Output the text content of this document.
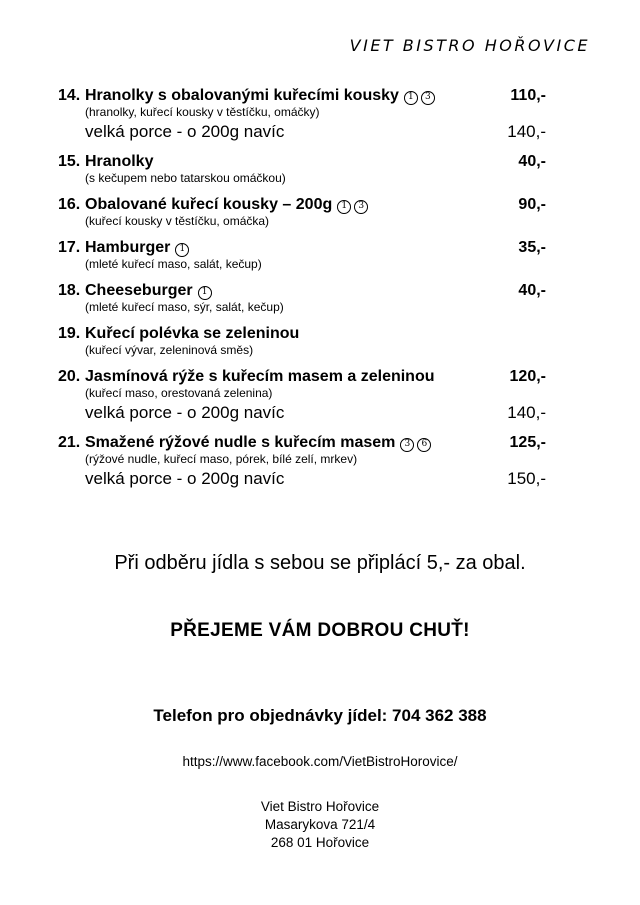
VIET BISTRO HOŘOVICE
14. Hranolky s obalovanými kuřecími kousky 1 3	110,-
(hranolky, kuřecí kousky v těstíčku, omáčky)
velká porce - o 200g navíc	140,-
15. Hranolky	40,-
(s kečupem nebo tatarskou omáčkou)
16. Obalované kuřecí kousky – 200g 1 3	90,-
(kuřecí kousky v těstíčku, omáčka)
17. Hamburger 1	35,-
(mleté kuřecí maso, salát, kečup)
18. Cheeseburger 1	40,-
(mleté kuřecí maso, sýr, salát, kečup)
19. Kuřecí polévka se zeleninou
(kuřecí vývar, zeleninová směs)
20. Jasmínová rýže s kuřecím masem a zeleninou	120,-
(kuřecí maso, orestovaná zelenina)
velká porce - o 200g navíc	140,-
21. Smažené rýžové nudle s kuřecím masem 3 6	125,-
(rýžové nudle, kuřecí maso, pórek, bílé zelí, mrkev)
velká porce - o 200g navíc	150,-
Při odběru jídla s sebou se připlácí 5,- za obal.
PŘEJEME VÁM DOBROU CHUŤ!
Telefon pro objednávky jídel: 704 362 388
https://www.facebook.com/VietBistroHorovice/
Viet Bistro Hořovice
Masarykova 721/4
268 01 Hořovice
